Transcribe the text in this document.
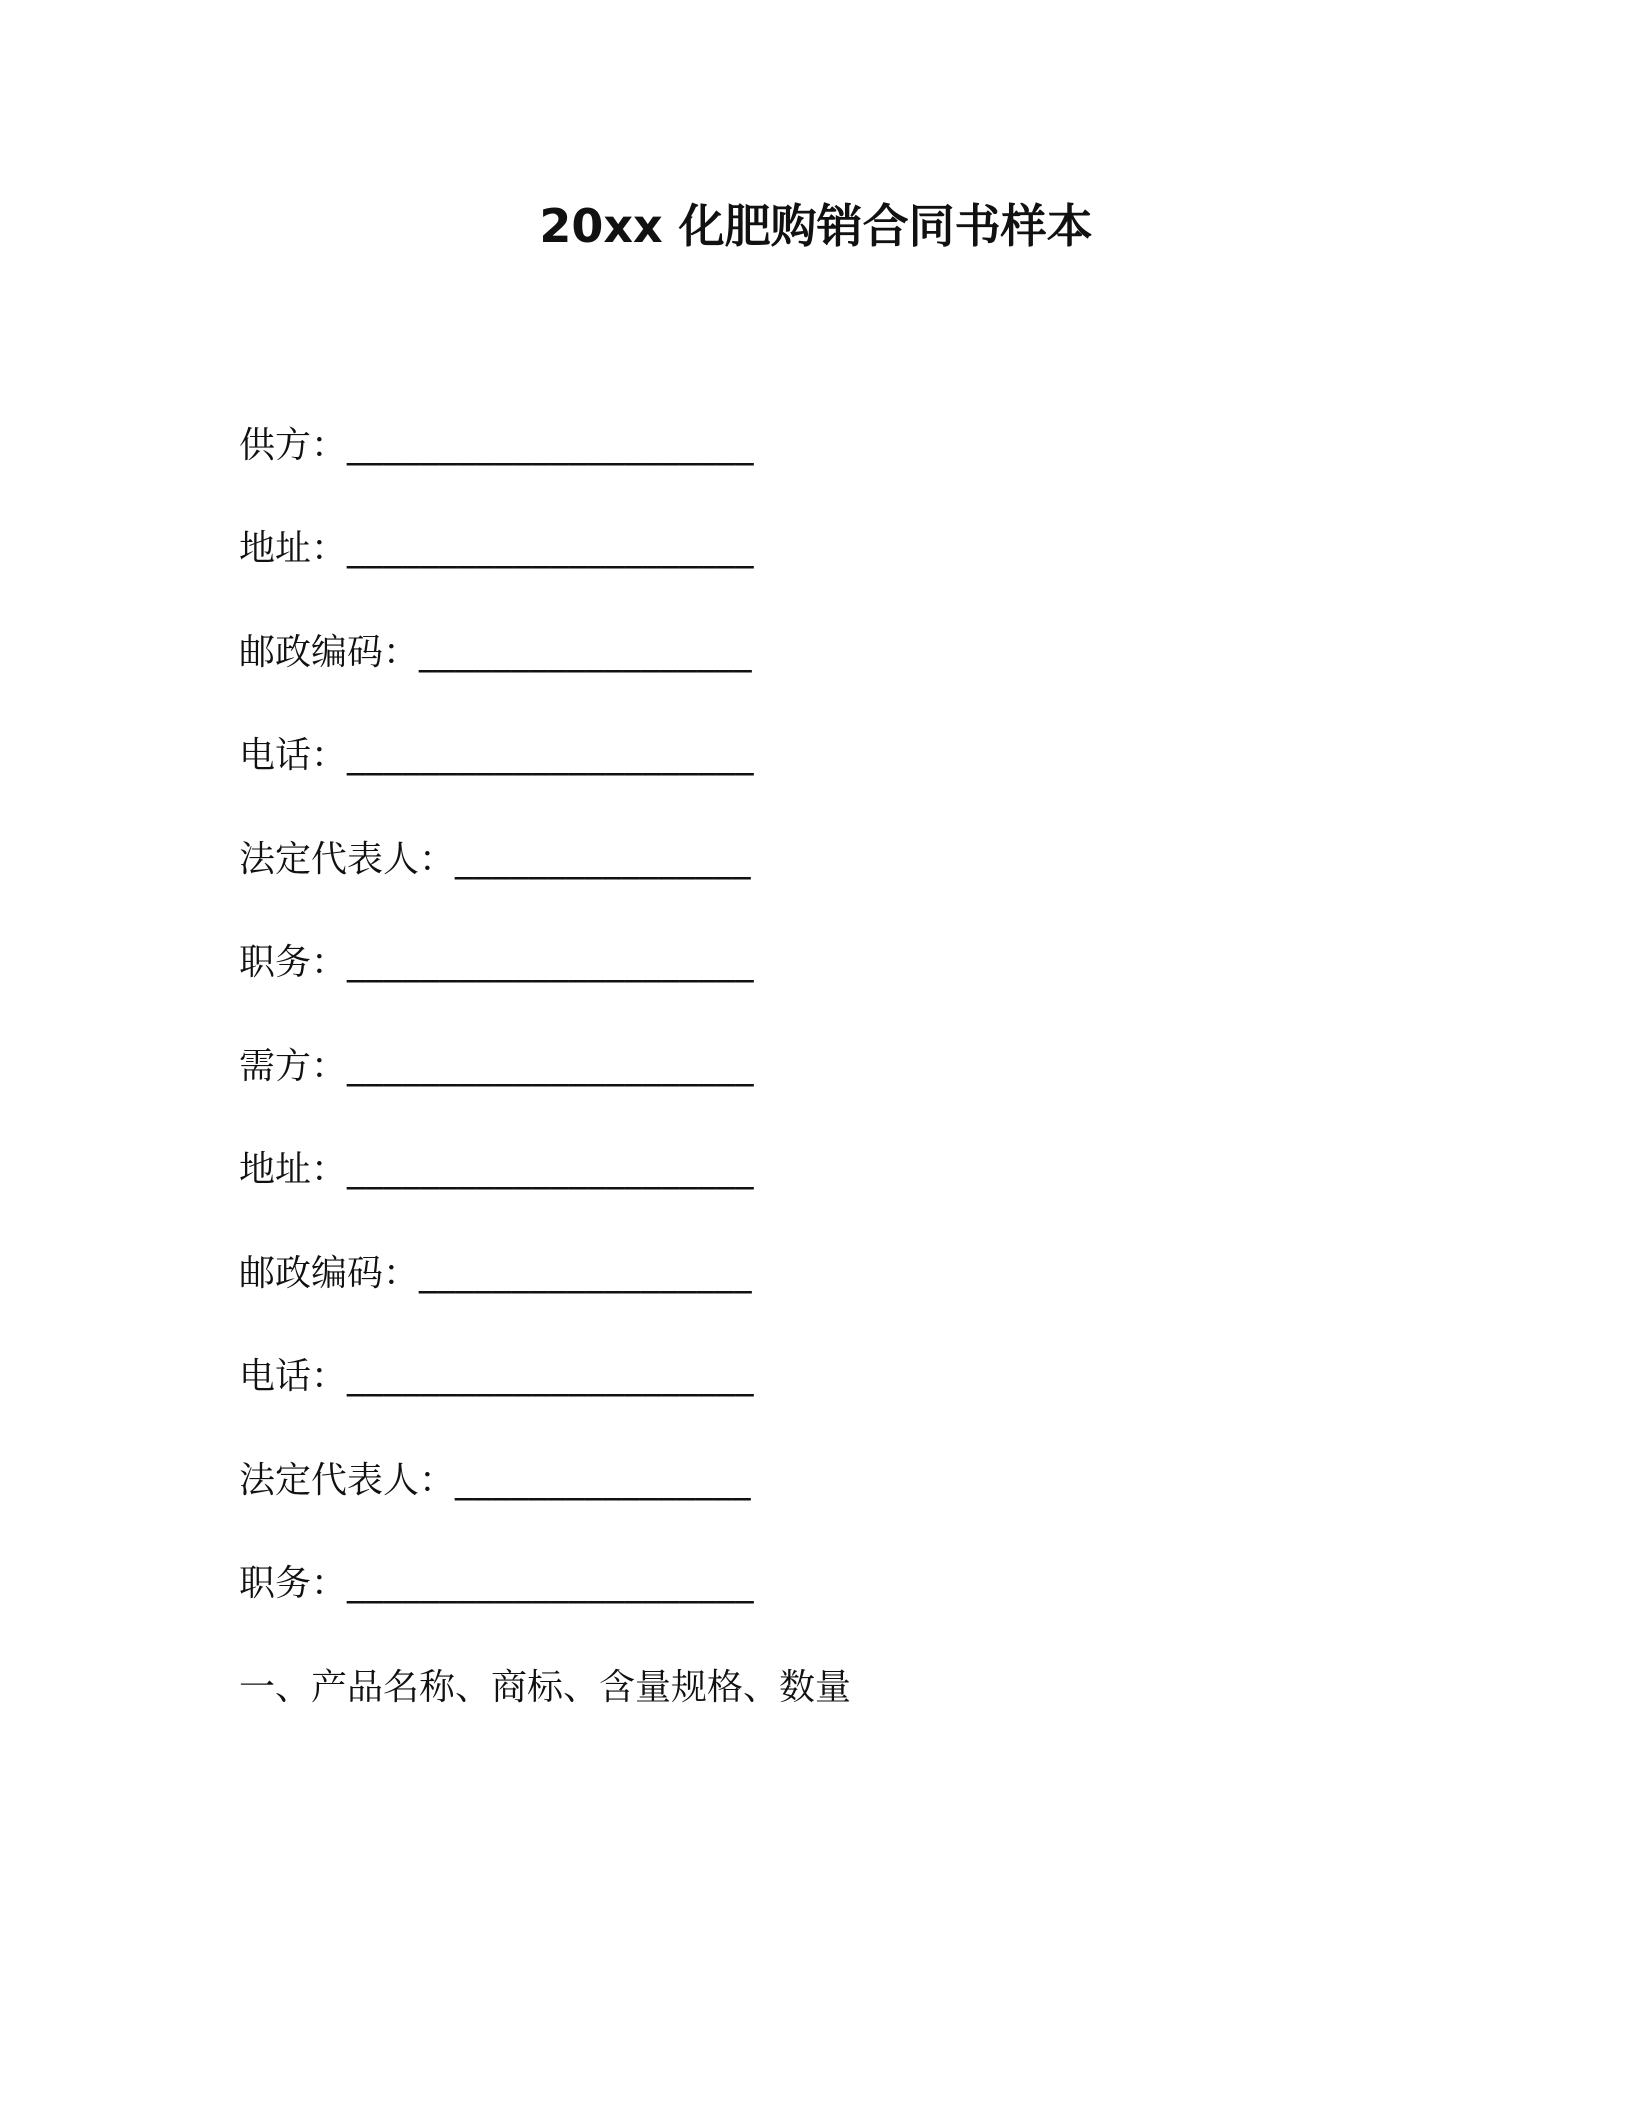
20xx 化肥购销合同书样本
供方：______________________
地址：______________________
邮政编码：__________________
电话：______________________
法定代表人：________________
职务：______________________
需方：______________________
地址：______________________
邮政编码：__________________
电话：______________________
法定代表人：________________
职务：______________________
一、产品名称、商标、含量规格、数量
